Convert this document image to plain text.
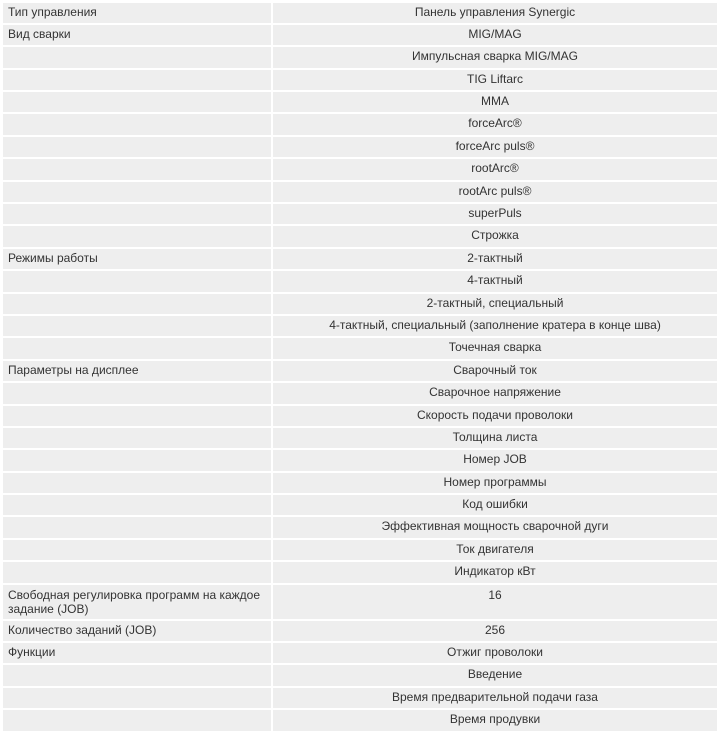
Тип управления	Панель управления Synergic
Вид сварки	MIG/MAG
	Импульсная сварка MIG/MAG
	TIG Liftarc
	MMA
	forceArc®
	forceArc puls®
	rootArc®
	rootArc puls®
	superPuls
	Строжка
Режимы работы	2-тактный
	4-тактный
	2-тактный, специальный
	4-тактный, специальный (заполнение кратера в конце шва)
	Точечная сварка
Параметры на дисплее	Сварочный ток
	Сварочное напряжение
	Скорость подачи проволоки
	Толщина листа
	Номер JOB
	Номер программы
	Код ошибки
	Эффективная мощность сварочной дуги
	Ток двигателя
	Индикатор кВт
Свободная регулировка программ на каждое задание (JOB)	16
Количество заданий (JOB)	256
Функции	Отжиг проволоки
	Введение
	Время предварительной подачи газа
	Время продувки
